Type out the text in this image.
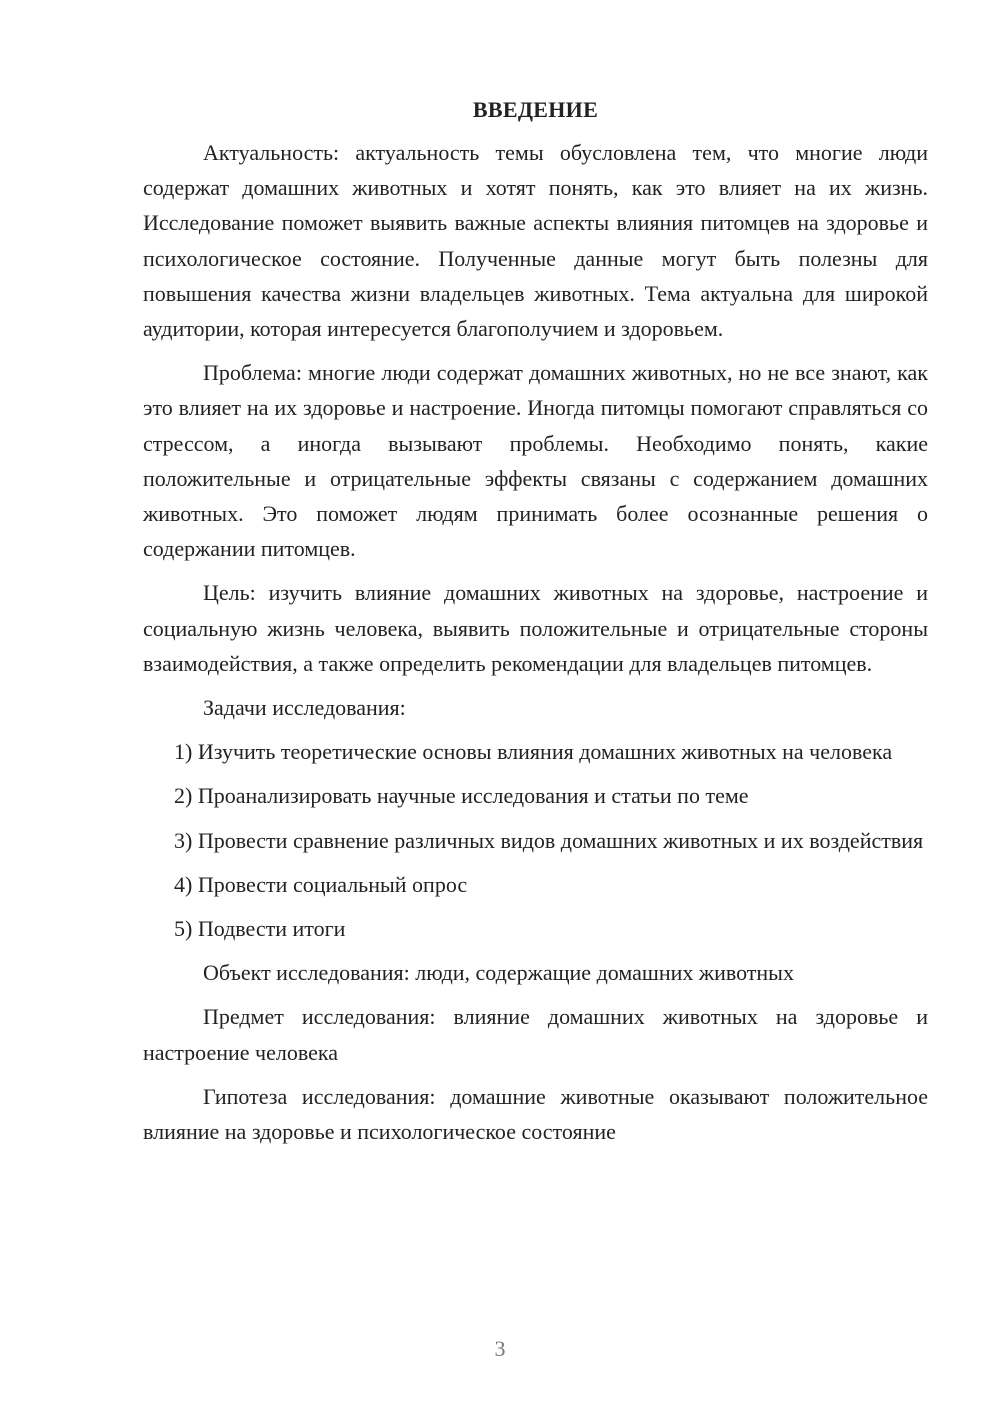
ВВЕДЕНИЕ

Актуальность: актуальность темы обусловлена тем, что многие люди содержат домашних животных и хотят понять, как это влияет на их жизнь. Исследование поможет выявить важные аспекты влияния питомцев на здоровье и психологическое состояние. Полученные данные могут быть полезны для повышения качества жизни владельцев животных. Тема актуальна для широкой аудитории, которая интересуется благополучием и здоровьем.

Проблема: многие люди содержат домашних животных, но не все знают, как это влияет на их здоровье и настроение. Иногда питомцы помогают справляться со стрессом, а иногда вызывают проблемы. Необходимо понять, какие положительные и отрицательные эффекты связаны с содержанием домашних животных. Это поможет людям принимать более осознанные решения о содержании питомцев.

Цель: изучить влияние домашних животных на здоровье, настроение и социальную жизнь человека, выявить положительные и отрицательные стороны взаимодействия, а также определить рекомендации для владельцев питомцев.

Задачи исследования:

1) Изучить теоретические основы влияния домашних животных на человека

2) Проанализировать научные исследования и статьи по теме

3) Провести сравнение различных видов домашних животных и их воздействия

4) Провести социальный опрос

5) Подвести итоги

Объект исследования: люди, содержащие домашних животных

Предмет исследования: влияние домашних животных на здоровье и настроение человека

Гипотеза исследования: домашние животные оказывают положительное влияние на здоровье и психологическое состояние

3
